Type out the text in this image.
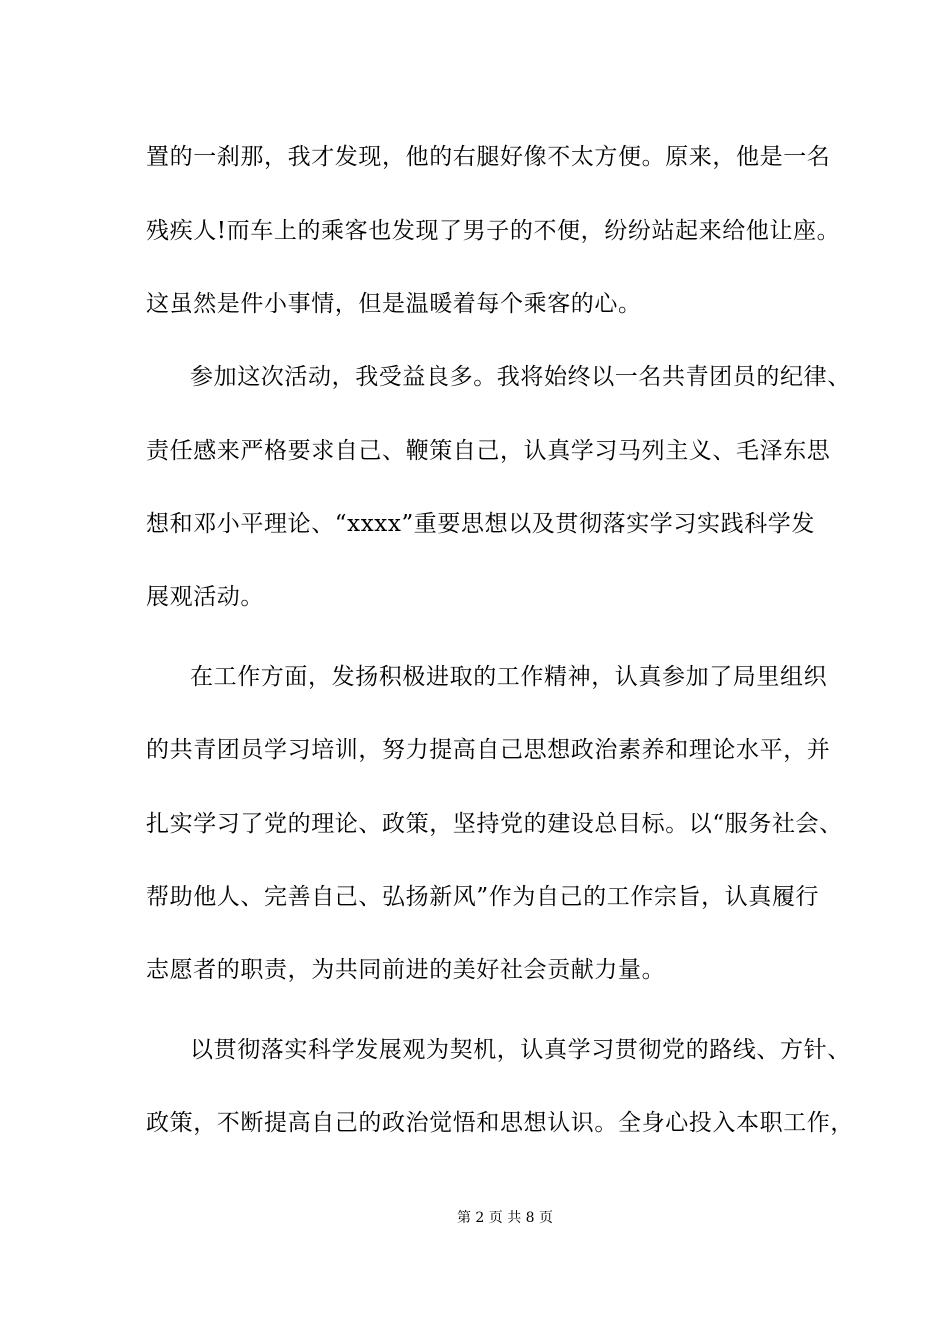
置的一刹那，我才发现，他的右腿好像不太方便。原来，他是一名
残疾人!而车上的乘客也发现了男子的不便，纷纷站起来给他让座。
这虽然是件小事情，但是温暖着每个乘客的心。
参加这次活动，我受益良多。我将始终以一名共青团员的纪律、
责任感来严格要求自己、鞭策自己，认真学习马列主义、毛泽东思
想和邓小平理论、“xxxx”重要思想以及贯彻落实学习实践科学发
展观活动。
在工作方面，发扬积极进取的工作精神，认真参加了局里组织
的共青团员学习培训，努力提高自己思想政治素养和理论水平，并
扎实学习了党的理论、政策，坚持党的建设总目标。以“服务社会、
帮助他人、完善自己、弘扬新风”作为自己的工作宗旨，认真履行
志愿者的职责，为共同前进的美好社会贡献力量。
以贯彻落实科学发展观为契机，认真学习贯彻党的路线、方针、
政策，不断提高自己的政治觉悟和思想认识。全身心投入本职工作，
第 2 页 共 8 页
